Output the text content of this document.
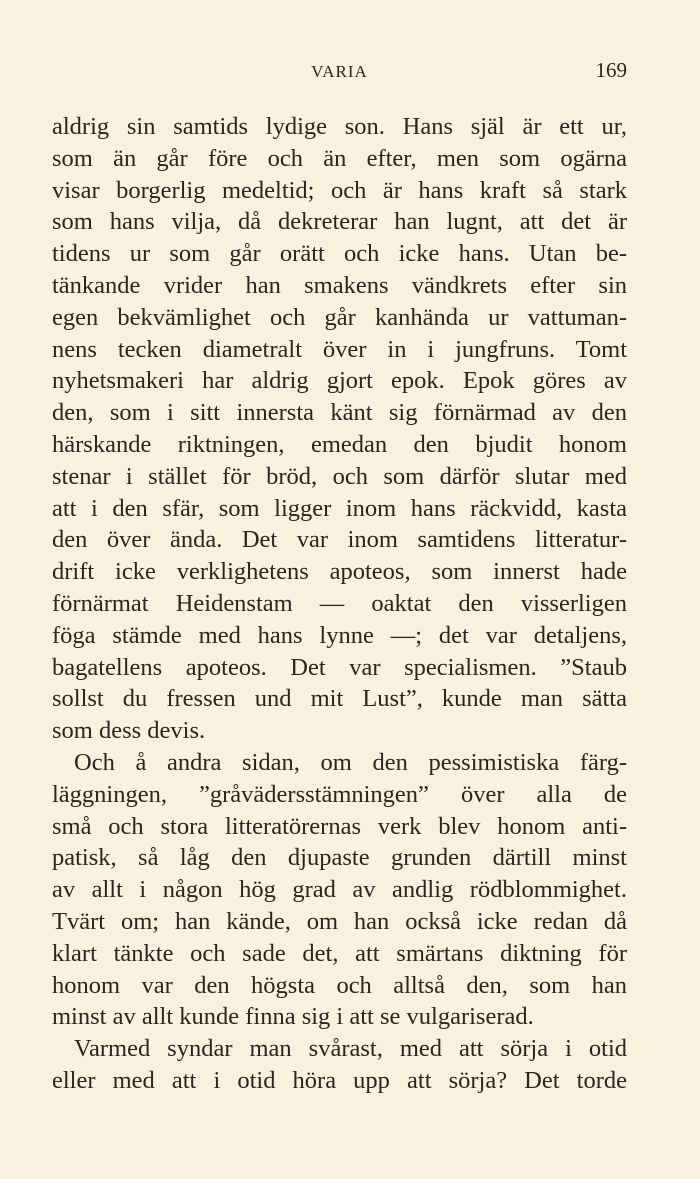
VARIA	169
aldrig sin samtids lydige son. Hans själ är ett ur,
som än går före och än efter, men som ogärna
visar borgerlig medeltid; och är hans kraft så stark
som hans vilja, då dekreterar han lugnt, att det är
tidens ur som går orätt och icke hans. Utan be-
tänkande vrider han smakens vändkrets efter sin
egen bekvämlighet och går kanhända ur vattuman-
nens tecken diametralt över in i jungfruns. Tomt
nyhetsmakeri har aldrig gjort epok. Epok göres av
den, som i sitt innersta känt sig förnärmad av den
härskande riktningen, emedan den bjudit honom
stenar i stället för bröd, och som därför slutar med
att i den sfär, som ligger inom hans räckvidd, kasta
den över ända. Det var inom samtidens litteratur-
drift icke verklighetens apoteos, som innerst hade
förnärmat Heidenstam — oaktat den visserligen
föga stämde med hans lynne —; det var detaljens,
bagatellens apoteos. Det var specialismen. ”Staub
sollst du fressen und mit Lust”, kunde man sätta
som dess devis.
Och å andra sidan, om den pessimistiska färg-
läggningen, ”gråvädersstämningen” över alla de
små och stora litteratörernas verk blev honom anti-
patisk, så låg den djupaste grunden därtill minst
av allt i någon hög grad av andlig rödblommighet.
Tvärt om; han kände, om han också icke redan då
klart tänkte och sade det, att smärtans diktning för
honom var den högsta och alltså den, som han
minst av allt kunde finna sig i att se vulgariserad.
Varmed syndar man svårast, med att sörja i otid
eller med att i otid höra upp att sörja? Det torde
